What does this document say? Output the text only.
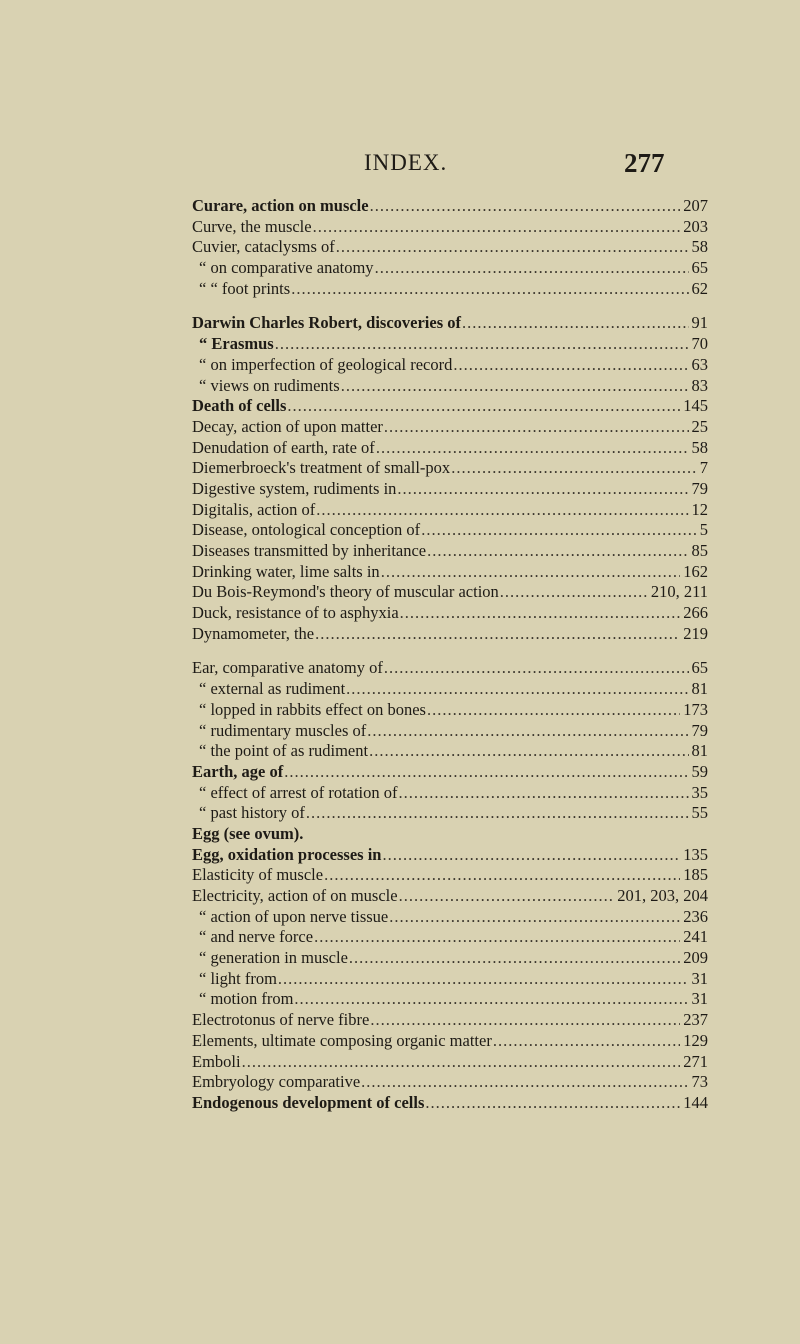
INDEX.	277
Curare, action on muscle .....	207
Curve, the muscle .....	203
Cuvier, cataclysms of .....	58
“ on comparative anatomy .....	65
“ “ foot prints .....	62
Darwin Charles Robert, discoveries of .....	91
“ Erasmus .....	70
“ on imperfection of geological record .....	63
“ views on rudiments .....	83
Death of cells .....	145
Decay, action of upon matter .....	25
Denudation of earth, rate of .....	58
Diemerbroeck's treatment of small-pox .....	7
Digestive system, rudiments in .....	79
Digitalis, action of .....	12
Disease, ontological conception of .....	5
Diseases transmitted by inheritance .....	85
Drinking water, lime salts in .....	162
Du Bois-Reymond's theory of muscular action .....	210, 211
Duck, resistance of to asphyxia .....	266
Dynamometer, the .....	219
Ear, comparative anatomy of .....	65
“ external as rudiment .....	81
“ lopped in rabbits effect on bones .....	173
“ rudimentary muscles of .....	79
“ the point of as rudiment .....	81
Earth, age of .....	59
“ effect of arrest of rotation of .....	35
“ past history of .....	55
Egg (see ovum).
Egg, oxidation processes in .....	135
Elasticity of muscle .....	185
Electricity, action of on muscle .....	201, 203, 204
“ action of upon nerve tissue .....	236
“ and nerve force .....	241
“ generation in muscle .....	209
“ light from .....	31
“ motion from .....	31
Electrotonus of nerve fibre .....	237
Elements, ultimate composing organic matter .....	129
Emboli .....	271
Embryology comparative .....	73
Endogenous development of cells .....	144
